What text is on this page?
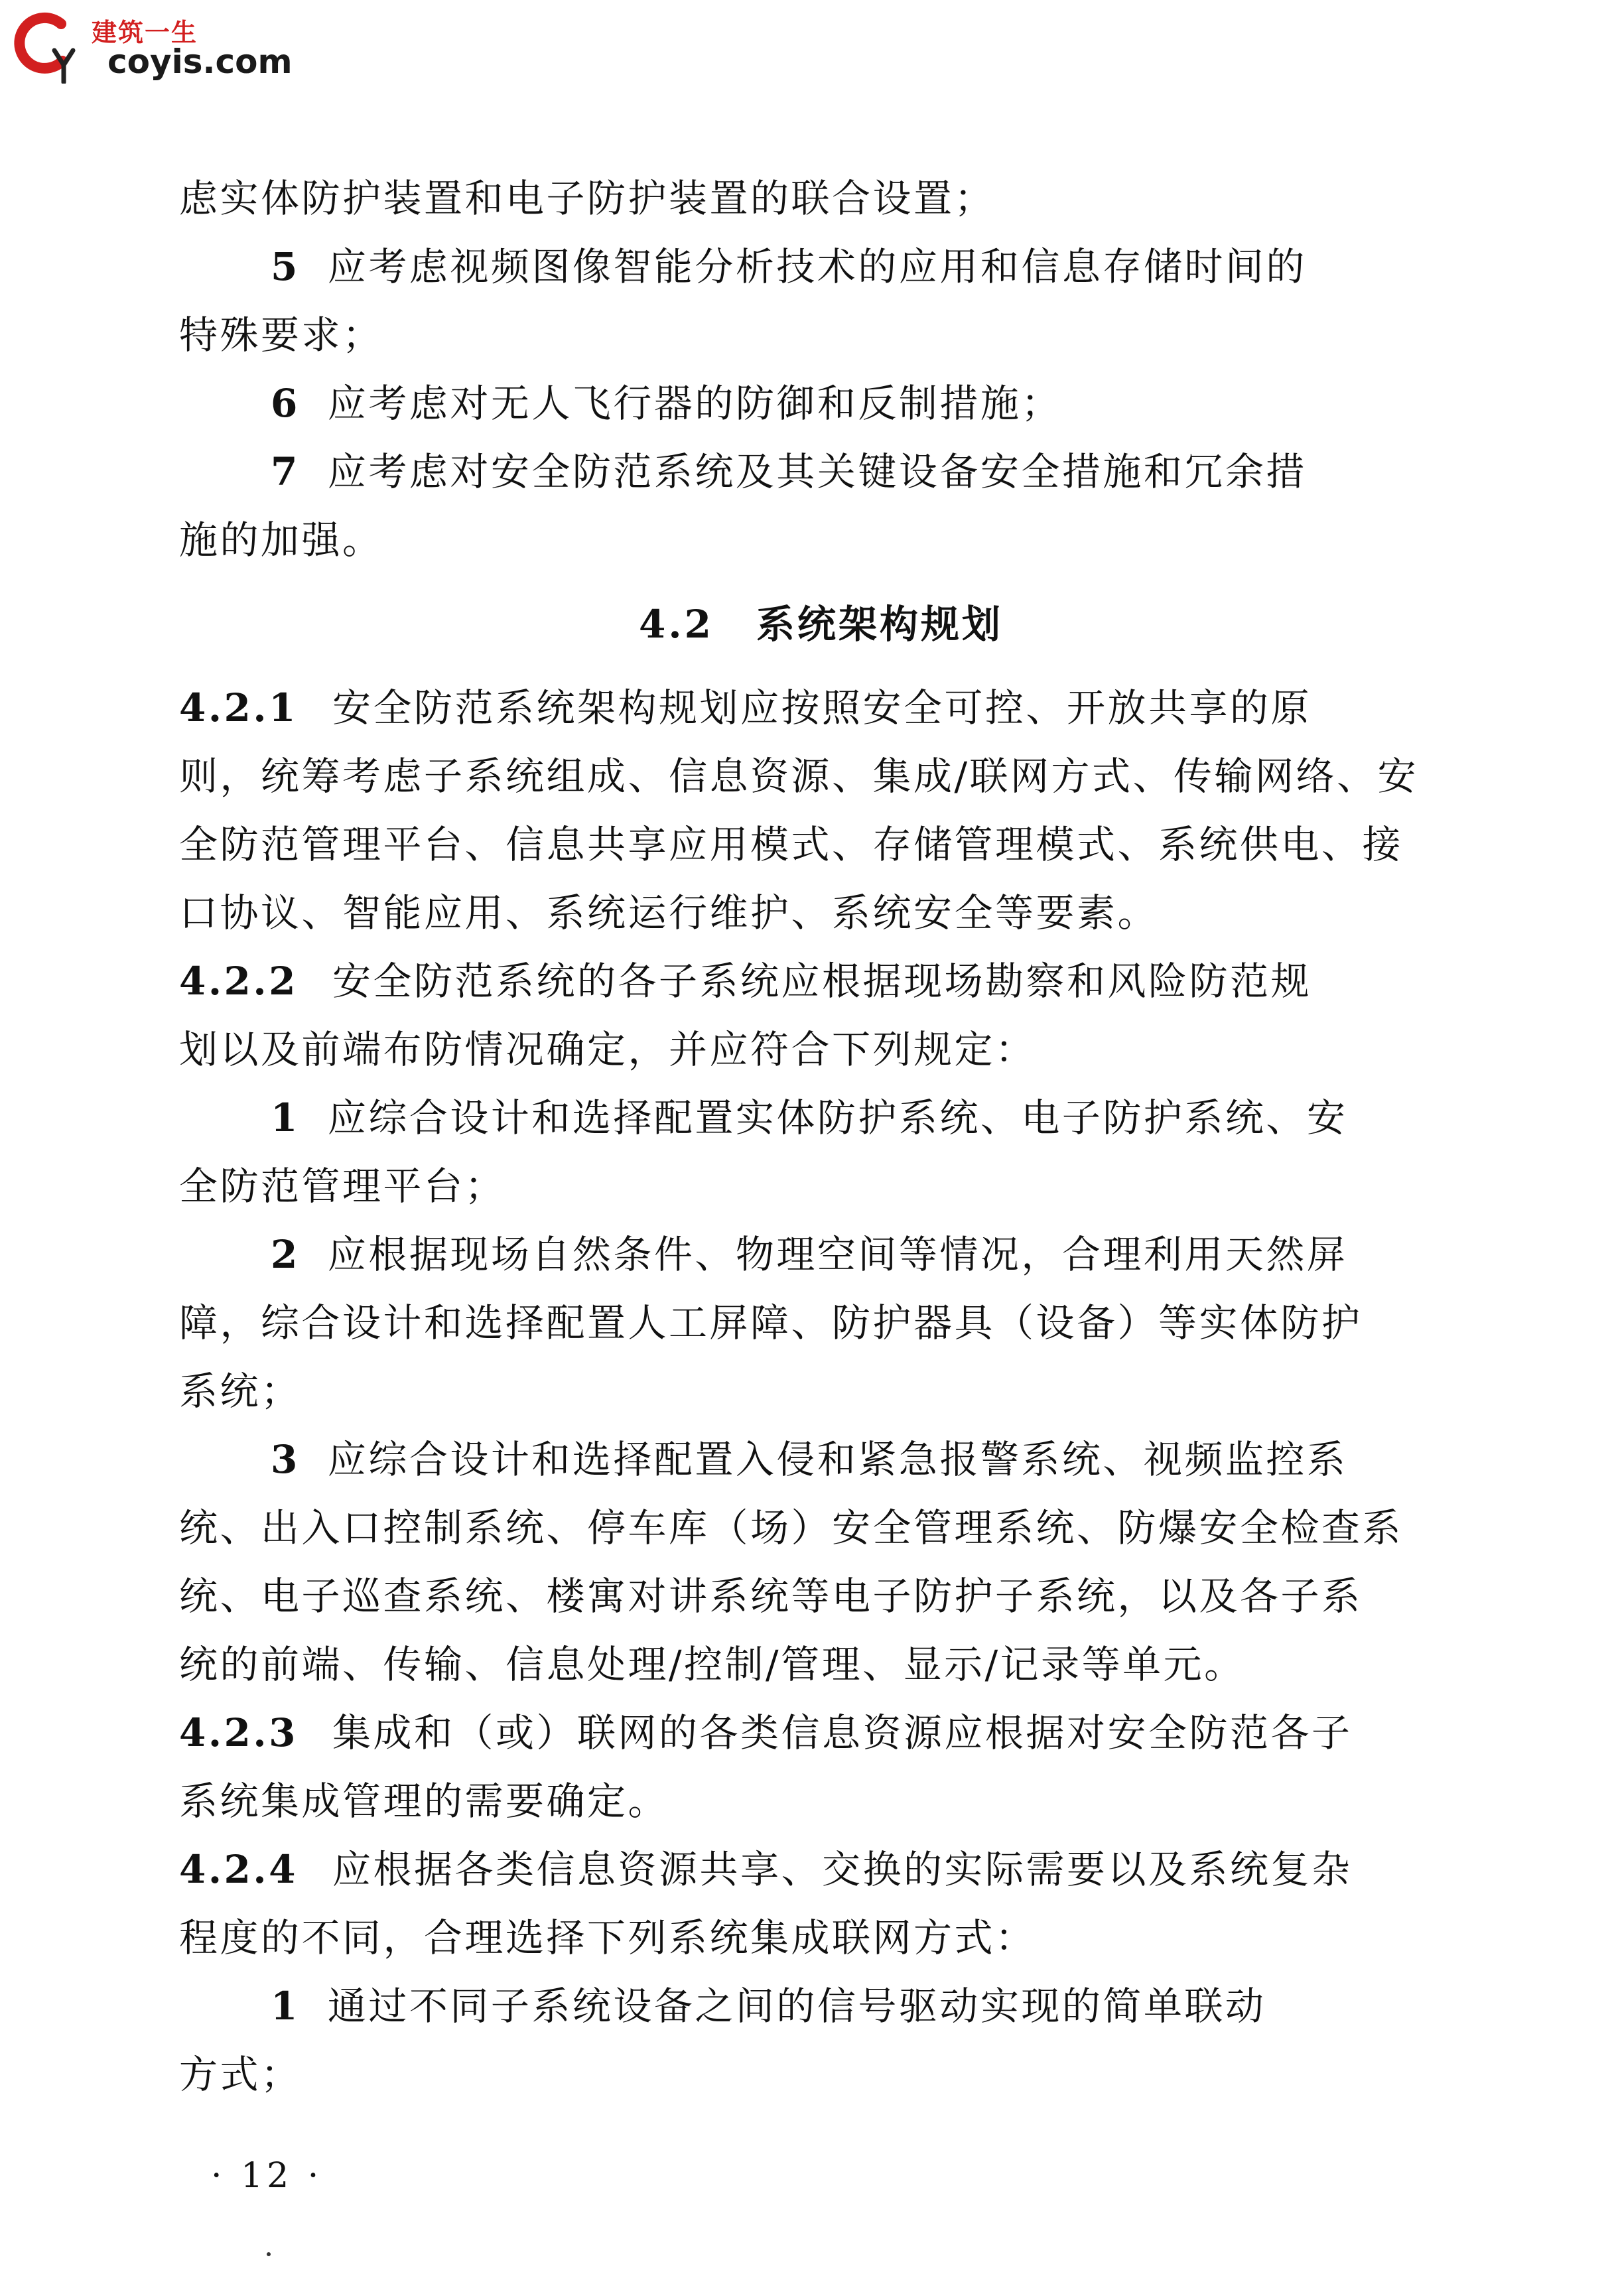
建筑一生
coyis.com
虑实体防护装置和电子防护装置的联合设置；
5 应考虑视频图像智能分析技术的应用和信息存储时间的
特殊要求；
6 应考虑对无人飞行器的防御和反制措施；
7 应考虑对安全防范系统及其关键设备安全措施和冗余措
施的加强。
4.2 系统架构规划
4.2.1 安全防范系统架构规划应按照安全可控、开放共享的原
则，统筹考虑子系统组成、信息资源、集成/联网方式、传输网络、安
全防范管理平台、信息共享应用模式、存储管理模式、系统供电、接
口协议、智能应用、系统运行维护、系统安全等要素。
4.2.2 安全防范系统的各子系统应根据现场勘察和风险防范规
划以及前端布防情况确定，并应符合下列规定：
1 应综合设计和选择配置实体防护系统、电子防护系统、安
全防范管理平台；
2 应根据现场自然条件、物理空间等情况，合理利用天然屏
障，综合设计和选择配置人工屏障、防护器具（设备）等实体防护
系统；
3 应综合设计和选择配置入侵和紧急报警系统、视频监控系
统、出入口控制系统、停车库（场）安全管理系统、防爆安全检查系
统、电子巡查系统、楼寓对讲系统等电子防护子系统，以及各子系
统的前端、传输、信息处理/控制/管理、显示/记录等单元。
4.2.3 集成和（或）联网的各类信息资源应根据对安全防范各子
系统集成管理的需要确定。
4.2.4 应根据各类信息资源共享、交换的实际需要以及系统复杂
程度的不同，合理选择下列系统集成联网方式：
1 通过不同子系统设备之间的信号驱动实现的简单联动
方式；
· 12 ·
